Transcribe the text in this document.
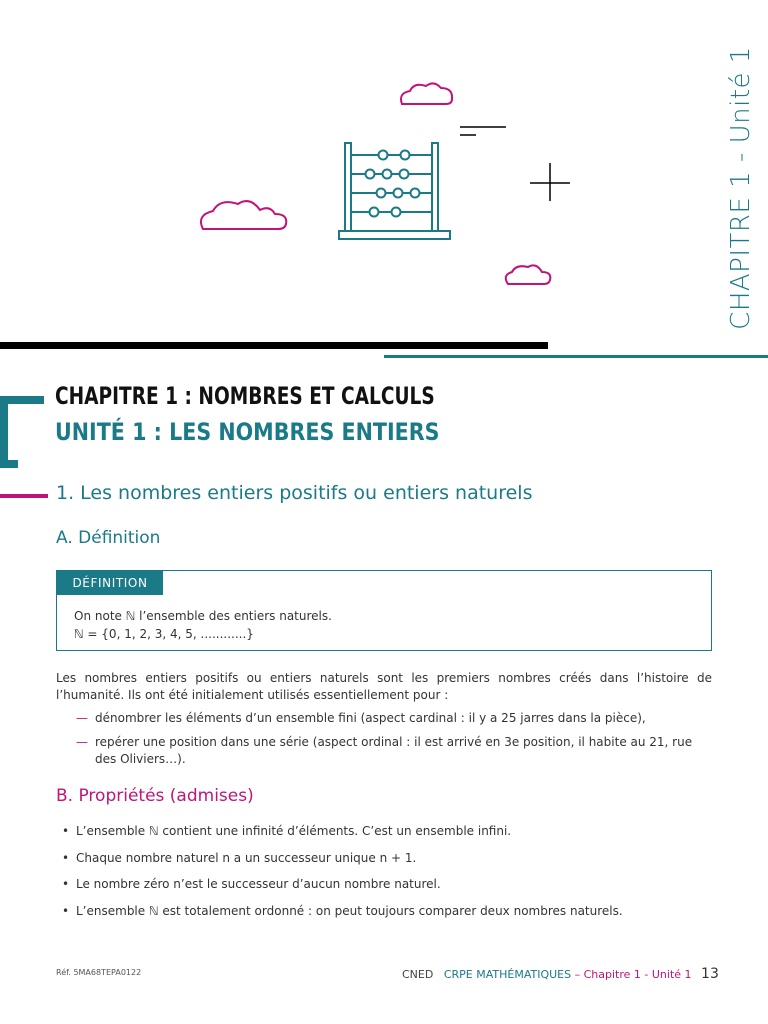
CHAPITRE 1 - Unité 1
CHAPITRE 1 : NOMBRES ET CALCULS
UNITÉ 1 : LES NOMBRES ENTIERS
1. Les nombres entiers positifs ou entiers naturels
A. Définition
DÉFINITION
On note ℕ l’ensemble des entiers naturels.
ℕ = {0, 1, 2, 3, 4, 5, ............}
Les nombres entiers positifs ou entiers naturels sont les premiers nombres créés dans l’histoire de l’humanité. Ils ont été initialement utilisés essentiellement pour :
— dénombrer les éléments d’un ensemble fini (aspect cardinal : il y a 25 jarres dans la pièce),
— repérer une position dans une série (aspect ordinal : il est arrivé en 3e position, il habite au 21, rue des Oliviers…).
B. Propriétés (admises)
• L’ensemble ℕ contient une infinité d’éléments. C’est un ensemble infini.
• Chaque nombre naturel n a un successeur unique n + 1.
• Le nombre zéro n’est le successeur d’aucun nombre naturel.
• L’ensemble ℕ est totalement ordonné : on peut toujours comparer deux nombres naturels.
Réf. 5MA68TEPA0122	CNED CRPE MATHÉMATIQUES – Chapitre 1 - Unité 1 13
